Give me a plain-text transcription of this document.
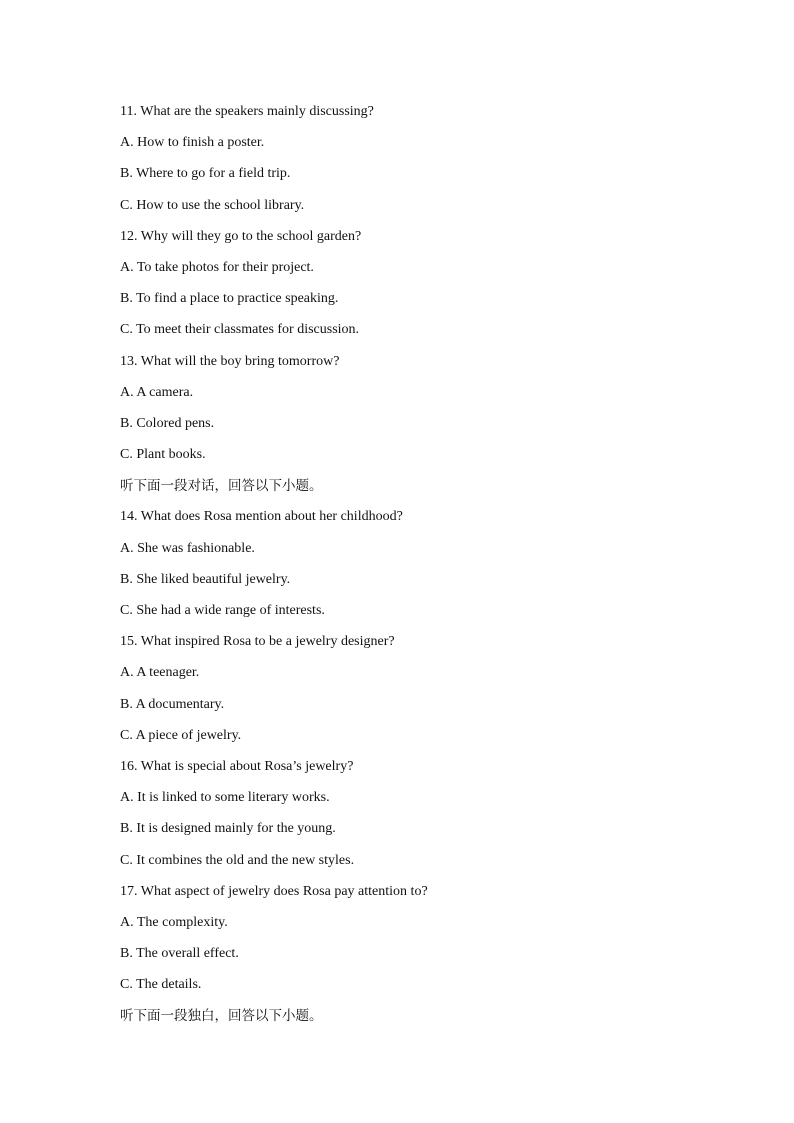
11. What are the speakers mainly discussing?
A. How to finish a poster.
B. Where to go for a field trip.
C. How to use the school library.
12. Why will they go to the school garden?
A. To take photos for their project.
B. To find a place to practice speaking.
C. To meet their classmates for discussion.
13. What will the boy bring tomorrow?
A. A camera.
B. Colored pens.
C. Plant books.
听下面一段对话，回答以下小题。
14. What does Rosa mention about her childhood?
A. She was fashionable.
B. She liked beautiful jewelry.
C. She had a wide range of interests.
15. What inspired Rosa to be a jewelry designer?
A. A teenager.
B. A documentary.
C. A piece of jewelry.
16. What is special about Rosa’s jewelry?
A. It is linked to some literary works.
B. It is designed mainly for the young.
C. It combines the old and the new styles.
17. What aspect of jewelry does Rosa pay attention to?
A. The complexity.
B. The overall effect.
C. The details.
听下面一段独白，回答以下小题。
